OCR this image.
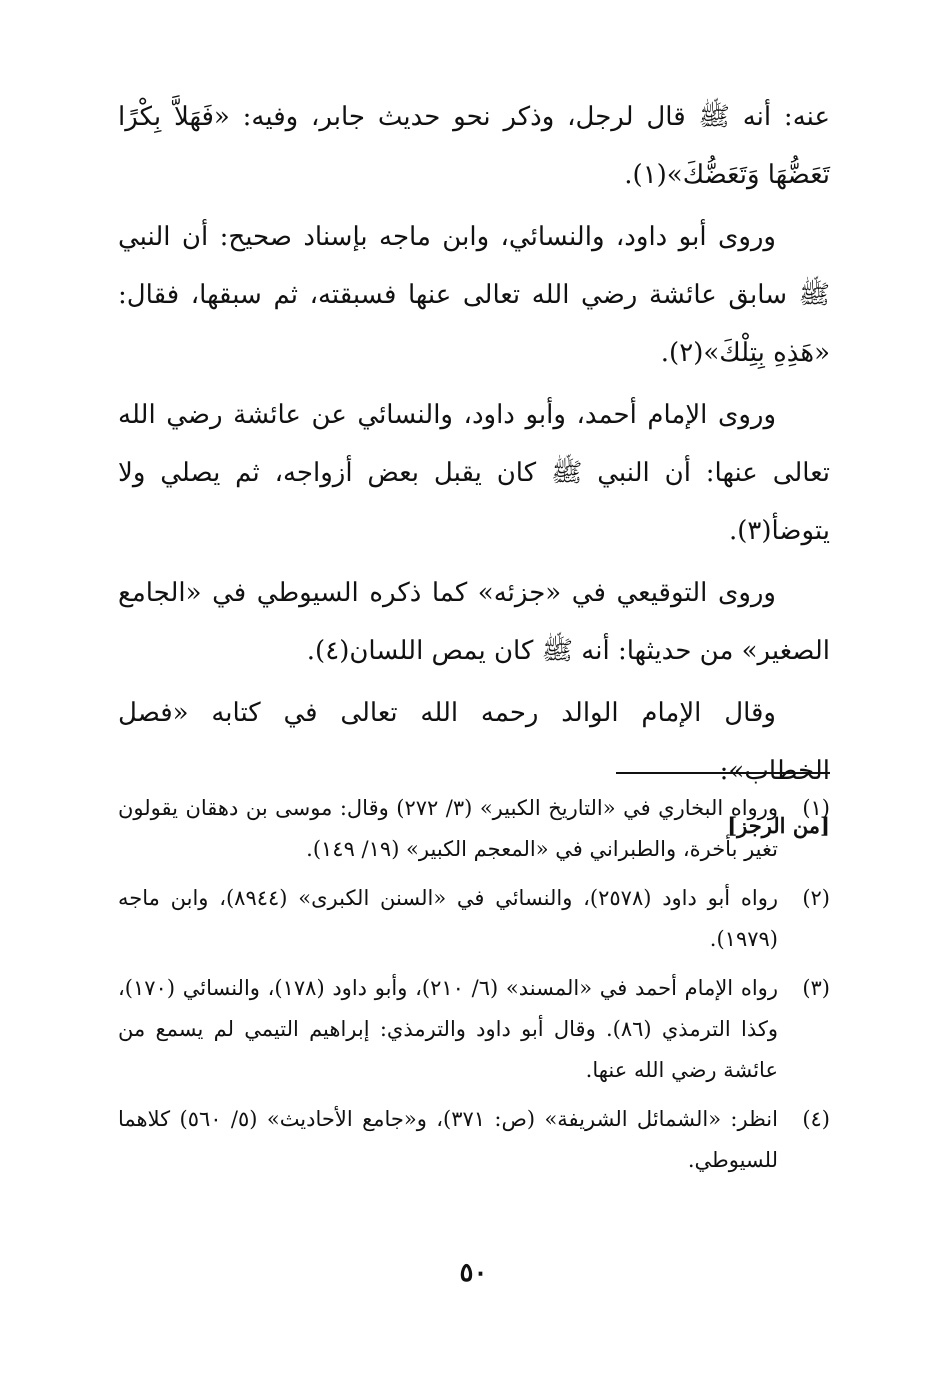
عنه: أنه ﷺ قال لرجل، وذكر نحو حديث جابر، وفيه: «فَهَلاَّ بِكْرًا تَعَضُّهَا وَتَعَضُّكَ»(١).

وروى أبو داود، والنسائي، وابن ماجه بإسناد صحيح: أن النبي ﷺ سابق عائشة رضي الله تعالى عنها فسبقته، ثم سبقها، فقال: «هَذِهِ بِتِلْكَ»(٢).

وروى الإمام أحمد، وأبو داود، والنسائي عن عائشة رضي الله تعالى عنها: أن النبي ﷺ كان يقبل بعض أزواجه، ثم يصلي ولا يتوضأ(٣).

وروى التوقيعي في «جزئه» كما ذكره السيوطي في «الجامع الصغير» من حديثها: أنه ﷺ كان يمص اللسان(٤).

وقال الإمام الوالد رحمه الله تعالى في كتابه «فصل الخطاب»:

[من الرجز]
(١)
ورواه البخاري في «التاريخ الكبير» (٣/ ٢٧٢) وقال: موسى بن دهقان يقولون تغير بأخرة، والطبراني في «المعجم الكبير» (١٩/ ١٤٩).
(٢)
رواه أبو داود (٢٥٧٨)، والنسائي في «السنن الكبرى» (٨٩٤٤)، وابن ماجه (١٩٧٩).
(٣)
رواه الإمام أحمد في «المسند» (٦/ ٢١٠)، وأبو داود (١٧٨)، والنسائي (١٧٠)، وكذا الترمذي (٨٦). وقال أبو داود والترمذي: إبراهيم التيمي لم يسمع من عائشة رضي الله عنها.
(٤)
انظر: «الشمائل الشريفة» (ص: ٣٧١)، و«جامع الأحاديث» (٥/ ٥٦٠) كلاهما للسيوطي.
٥٠
